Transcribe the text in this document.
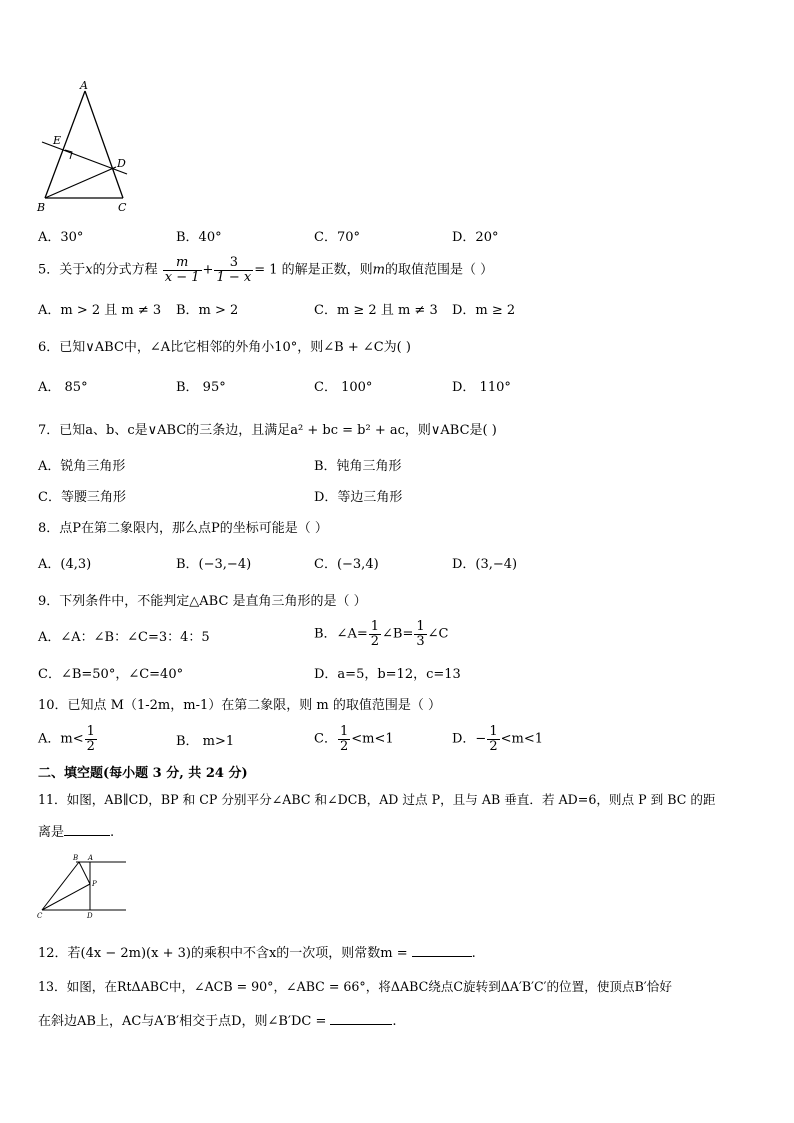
A
E
D
B	C
A．30°	B．40°	C．70°	D．20°
5．关于x的分式方程 $\frac{m}{x - 1} + \frac{3}{1 - x} = 1$ 的解是正数，则m的取值范围是（ ）
A．m > 2 且 m ≠ 3 B．m > 2	C．m ≥ 2 且 m ≠ 3 D．m ≥ 2
6．已知∨ABC中，∠A比它相邻的外角小10°，则∠B + ∠C为( )
A． 85°	B． 95°	C． 100°	D． 110°
7．已知a、b、c是∨ABC的三条边，且满足a² + bc = b² + ac，则∨ABC是( )
A．锐角三角形	B．钝角三角形
C．等腰三角形	D．等边三角形
8．点P在第二象限内，那么点P的坐标可能是（ ）
A．(4,3)	B．(−3,−4)	C．(−3,4)	D．(3,−4)
9．下列条件中，不能判定△ABC 是直角三角形的是（ ）
A．∠A：∠B：∠C=3：4：5	B．∠A= $\frac{1}{2}$ ∠B= $\frac{1}{3}$ ∠C
C．∠B=50°，∠C=40°	D．a=5，b=12，c=13
10．已知点 M（1-2m，m-1）在第二象限，则 m 的取值范围是（ ）
A．$m< \frac{1}{2}$	B． m>1	C． $\frac{1}{2} <m<1$	D．− $\frac{1}{2} <m<1$
二、填空题(每小题 3 分, 共 24 分)
11．如图，AB∥CD，BP 和 CP 分别平分∠ABC 和∠DCB，AD 过点 P，且与 AB 垂直．若 AD=6，则点 P 到 BC 的距
离是	.
B A
P
C	D
12．若(4x − 2m)(x + 3)的乘积中不含x的一次项，则常数m =	.
13．如图，在RtΔABC中，∠ACB = 90°，∠ABC = 66°，将ΔABC绕点C旋转到ΔA′B′C′的位置，使顶点B′恰好
在斜边AB上，AC与A′B′相交于点D，则∠B′DC =	.
